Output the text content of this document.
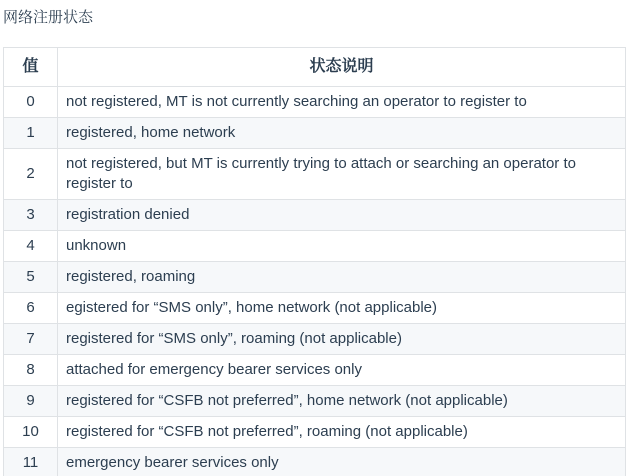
网络注册状态

值	状态说明
0	not registered, MT is not currently searching an operator to register to
1	registered, home network
2	not registered, but MT is currently trying to attach or searching an operator to register to
3	registration denied
4	unknown
5	registered, roaming
6	egistered for “SMS only”, home network (not applicable)
7	registered for “SMS only”, roaming (not applicable)
8	attached for emergency bearer services only
9	registered for “CSFB not preferred”, home network (not applicable)
10	registered for “CSFB not preferred”, roaming (not applicable)
11	emergency bearer services only
